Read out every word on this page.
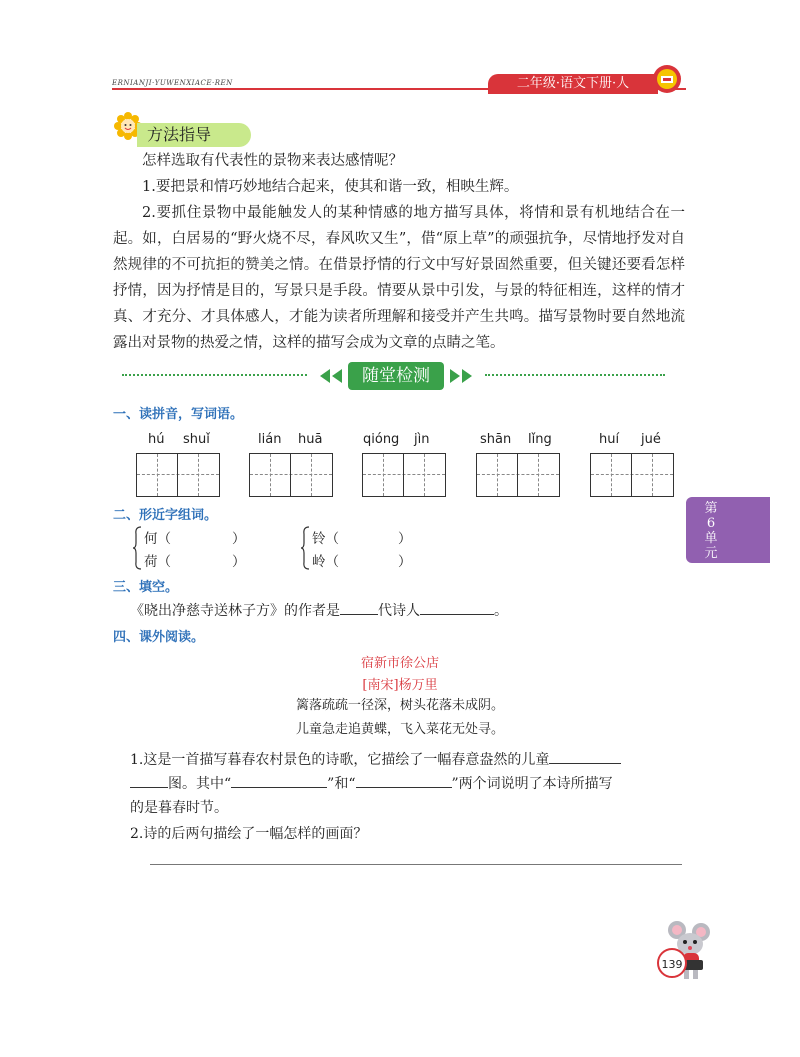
ERNIANJI·YUWENXIACE·REN	二年级·语文下册·人
方法指导
怎样选取有代表性的景物来表达感情呢？
1.要把景和情巧妙地结合起来，使其和谐一致，相映生辉。
2.要抓住景物中最能触发人的某种情感的地方描写具体，将情和景有机地结合在一起。如，白居易的“野火烧不尽，春风吹又生”，借“原上草”的顽强抗争，尽情地抒发对自然规律的不可抗拒的赞美之情。在借景抒情的行文中写好景固然重要，但关键还要看怎样抒情，因为抒情是目的，写景只是手段。情要从景中引发，与景的特征相连，这样的情才真、才充分、才具体感人，才能为读者所理解和接受并产生共鸣。描写景物时要自然地流露出对景物的热爱之情，这样的描写会成为文章的点睛之笔。
随堂检测
一、读拼音，写词语。
hú shuǐ	lián huā	qióng jìn	shān lǐng	huí jué
二、形近字组词。
何（	）
荷（	）
铃（	）
岭（	）
三、填空。
《晓出净慈寺送林子方》的作者是	代诗人	。
四、课外阅读。
宿新市徐公店
[南宋]杨万里
篱落疏疏一径深，树头花落未成阴。
儿童急走追黄蝶，飞入菜花无处寻。
1.这是一首描写暮春农村景色的诗歌，它描绘了一幅春意盎然的儿童
图。其中“	”和“	”两个词说明了本诗所描写
的是暮春时节。
2.诗的后两句描绘了一幅怎样的画面？
第
6
单
元
139
